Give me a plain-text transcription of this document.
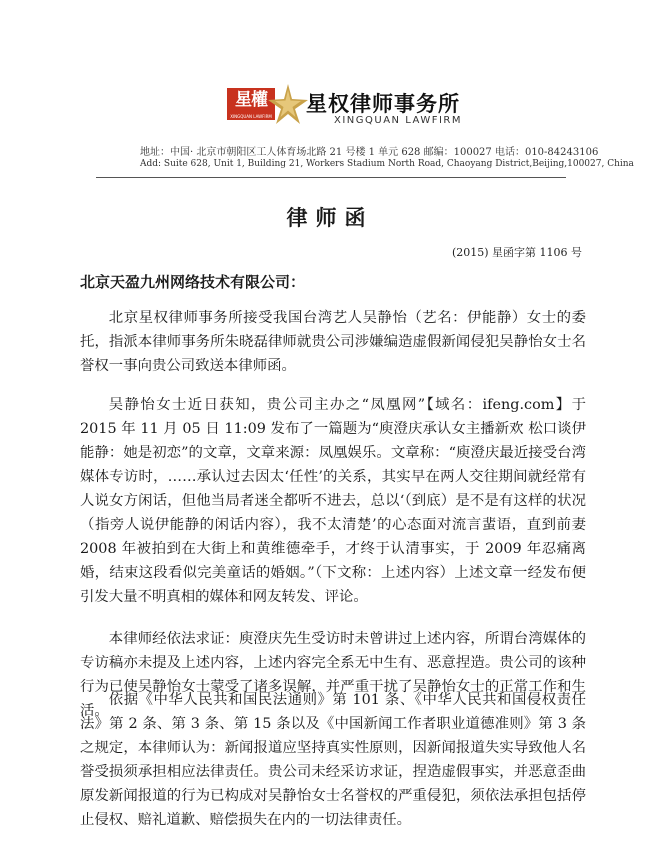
星權
XINGQUAN LAWFIRM
星权律师事务所
XINGQUAN LAWFIRM
地址：中国· 北京市朝阳区工人体育场北路 21 号楼 1 单元 628 邮编：100027 电话：010-84243106
Add: Suite 628, Unit 1, Building 21, Workers Stadium North Road, Chaoyang District,Beijing,100027, China
律师函
(2015) 星函字第 1106 号
北京天盈九州网络技术有限公司：

北京星权律师事务所接受我国台湾艺人吴静怡（艺名：伊能静）女士的委托，指派本律师事务所朱晓磊律师就贵公司涉嫌编造虚假新闻侵犯吴静怡女士名誉权一事向贵公司致送本律师函。

吴静怡女士近日获知，贵公司主办之“凤凰网”【域名：ifeng.com】于 2015 年 11 月 05 日 11:09 发布了一篇题为“庾澄庆承认女主播新欢 松口谈伊能静：她是初恋”的文章，文章来源：凤凰娱乐。文章称：“庾澄庆最近接受台湾媒体专访时，……承认过去因太‘任性’的关系，其实早在两人交往期间就经常有人说女方闲话，但他当局者迷全都听不进去，总以‘（到底）是不是有这样的状况（指旁人说伊能静的闲话内容），我不太清楚’的心态面对流言蜚语，直到前妻 2008 年被拍到在大街上和黄维德牵手，才终于认清事实，于 2009 年忍痛离婚，结束这段看似完美童话的婚姻。”（下文称：上述内容）上述文章一经发布便引发大量不明真相的媒体和网友转发、评论。

本律师经依法求证：庾澄庆先生受访时未曾讲过上述内容，所谓台湾媒体的专访稿亦未提及上述内容，上述内容完全系无中生有、恶意捏造。贵公司的该种行为已使吴静怡女士蒙受了诸多误解，并严重干扰了吴静怡女士的正常工作和生活。

依据《中华人民共和国民法通则》第 101 条、《中华人民共和国侵权责任法》第 2 条、第 3 条、第 15 条以及《中国新闻工作者职业道德准则》第 3 条之规定，本律师认为：新闻报道应坚持真实性原则，因新闻报道失实导致他人名誉受损须承担相应法律责任。贵公司未经采访求证，捏造虚假事实，并恶意歪曲原发新闻报道的行为已构成对吴静怡女士名誉权的严重侵犯，须依法承担包括停止侵权、赔礼道歉、赔偿损失在内的一切法律责任。
